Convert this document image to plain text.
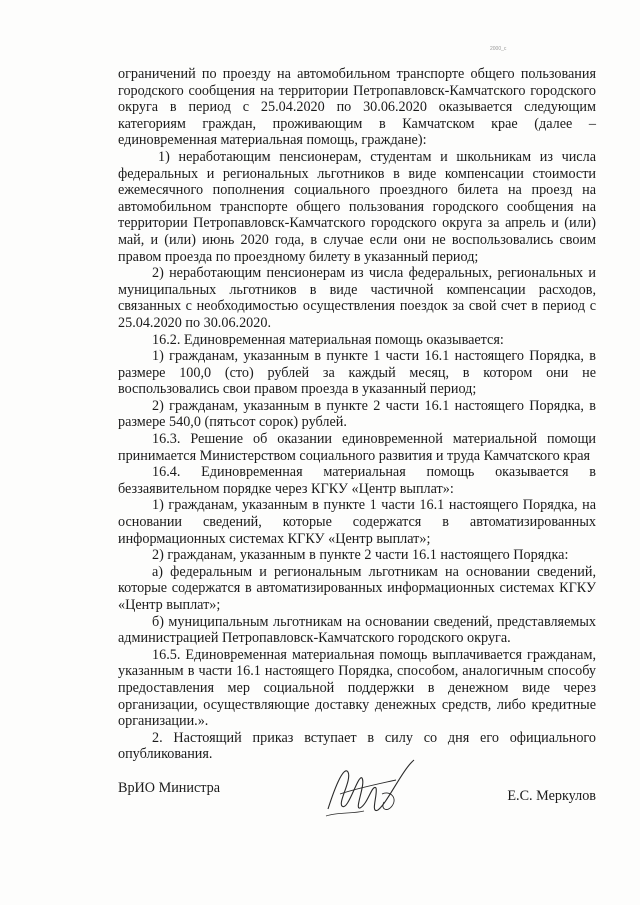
2000_с

ограничений по проезду на автомобильном транспорте общего пользования городского сообщения на территории Петропавловск-Камчатского городского округа в период с 25.04.2020 по 30.06.2020 оказывается следующим категориям граждан, проживающим в Камчатском крае (далее – единовременная материальная помощь, граждане):

1) неработающим пенсионерам, студентам и школьникам из числа федеральных и региональных льготников в виде компенсации стоимости ежемесячного пополнения социального проездного билета на проезд на автомобильном транспорте общего пользования городского сообщения на территории Петропавловск-Камчатского городского округа за апрель и (или) май, и (или) июнь 2020 года, в случае если они не воспользовались своим правом проезда по проездному билету в указанный период;

2) неработающим пенсионерам из числа федеральных, региональных и муниципальных льготников в виде частичной компенсации расходов, связанных с необходимостью осуществления поездок за свой счет в период с 25.04.2020 по 30.06.2020.

16.2. Единовременная материальная помощь оказывается:

1) гражданам, указанным в пункте 1 части 16.1 настоящего Порядка, в размере 100,0 (сто) рублей за каждый месяц, в котором они не воспользовались свои правом проезда в указанный период;

2) гражданам, указанным в пункте 2 части 16.1 настоящего Порядка, в размере 540,0 (пятьсот сорок) рублей.

16.3. Решение об оказании единовременной материальной помощи принимается Министерством социального развития и труда Камчатского края

16.4. Единовременная материальная помощь оказывается в беззаявительном порядке через КГКУ «Центр выплат»:

1) гражданам, указанным в пункте 1 части 16.1 настоящего Порядка, на основании сведений, которые содержатся в автоматизированных информационных системах КГКУ «Центр выплат»;

2) гражданам, указанным в пункте 2 части 16.1 настоящего Порядка:

а) федеральным и региональным льготникам на основании сведений, которые содержатся в автоматизированных информационных системах КГКУ «Центр выплат»;

б) муниципальным льготникам на основании сведений, представляемых администрацией Петропавловск-Камчатского городского округа.

16.5. Единовременная материальная помощь выплачивается гражданам, указанным в части 16.1 настоящего Порядка, способом, аналогичным способу предоставления мер социальной поддержки в денежном виде через организации, осуществляющие доставку денежных средств, либо кредитные организации.».

2. Настоящий приказ вступает в силу со дня его официального опубликования.

ВрИО Министра	Е.С. Меркулов
